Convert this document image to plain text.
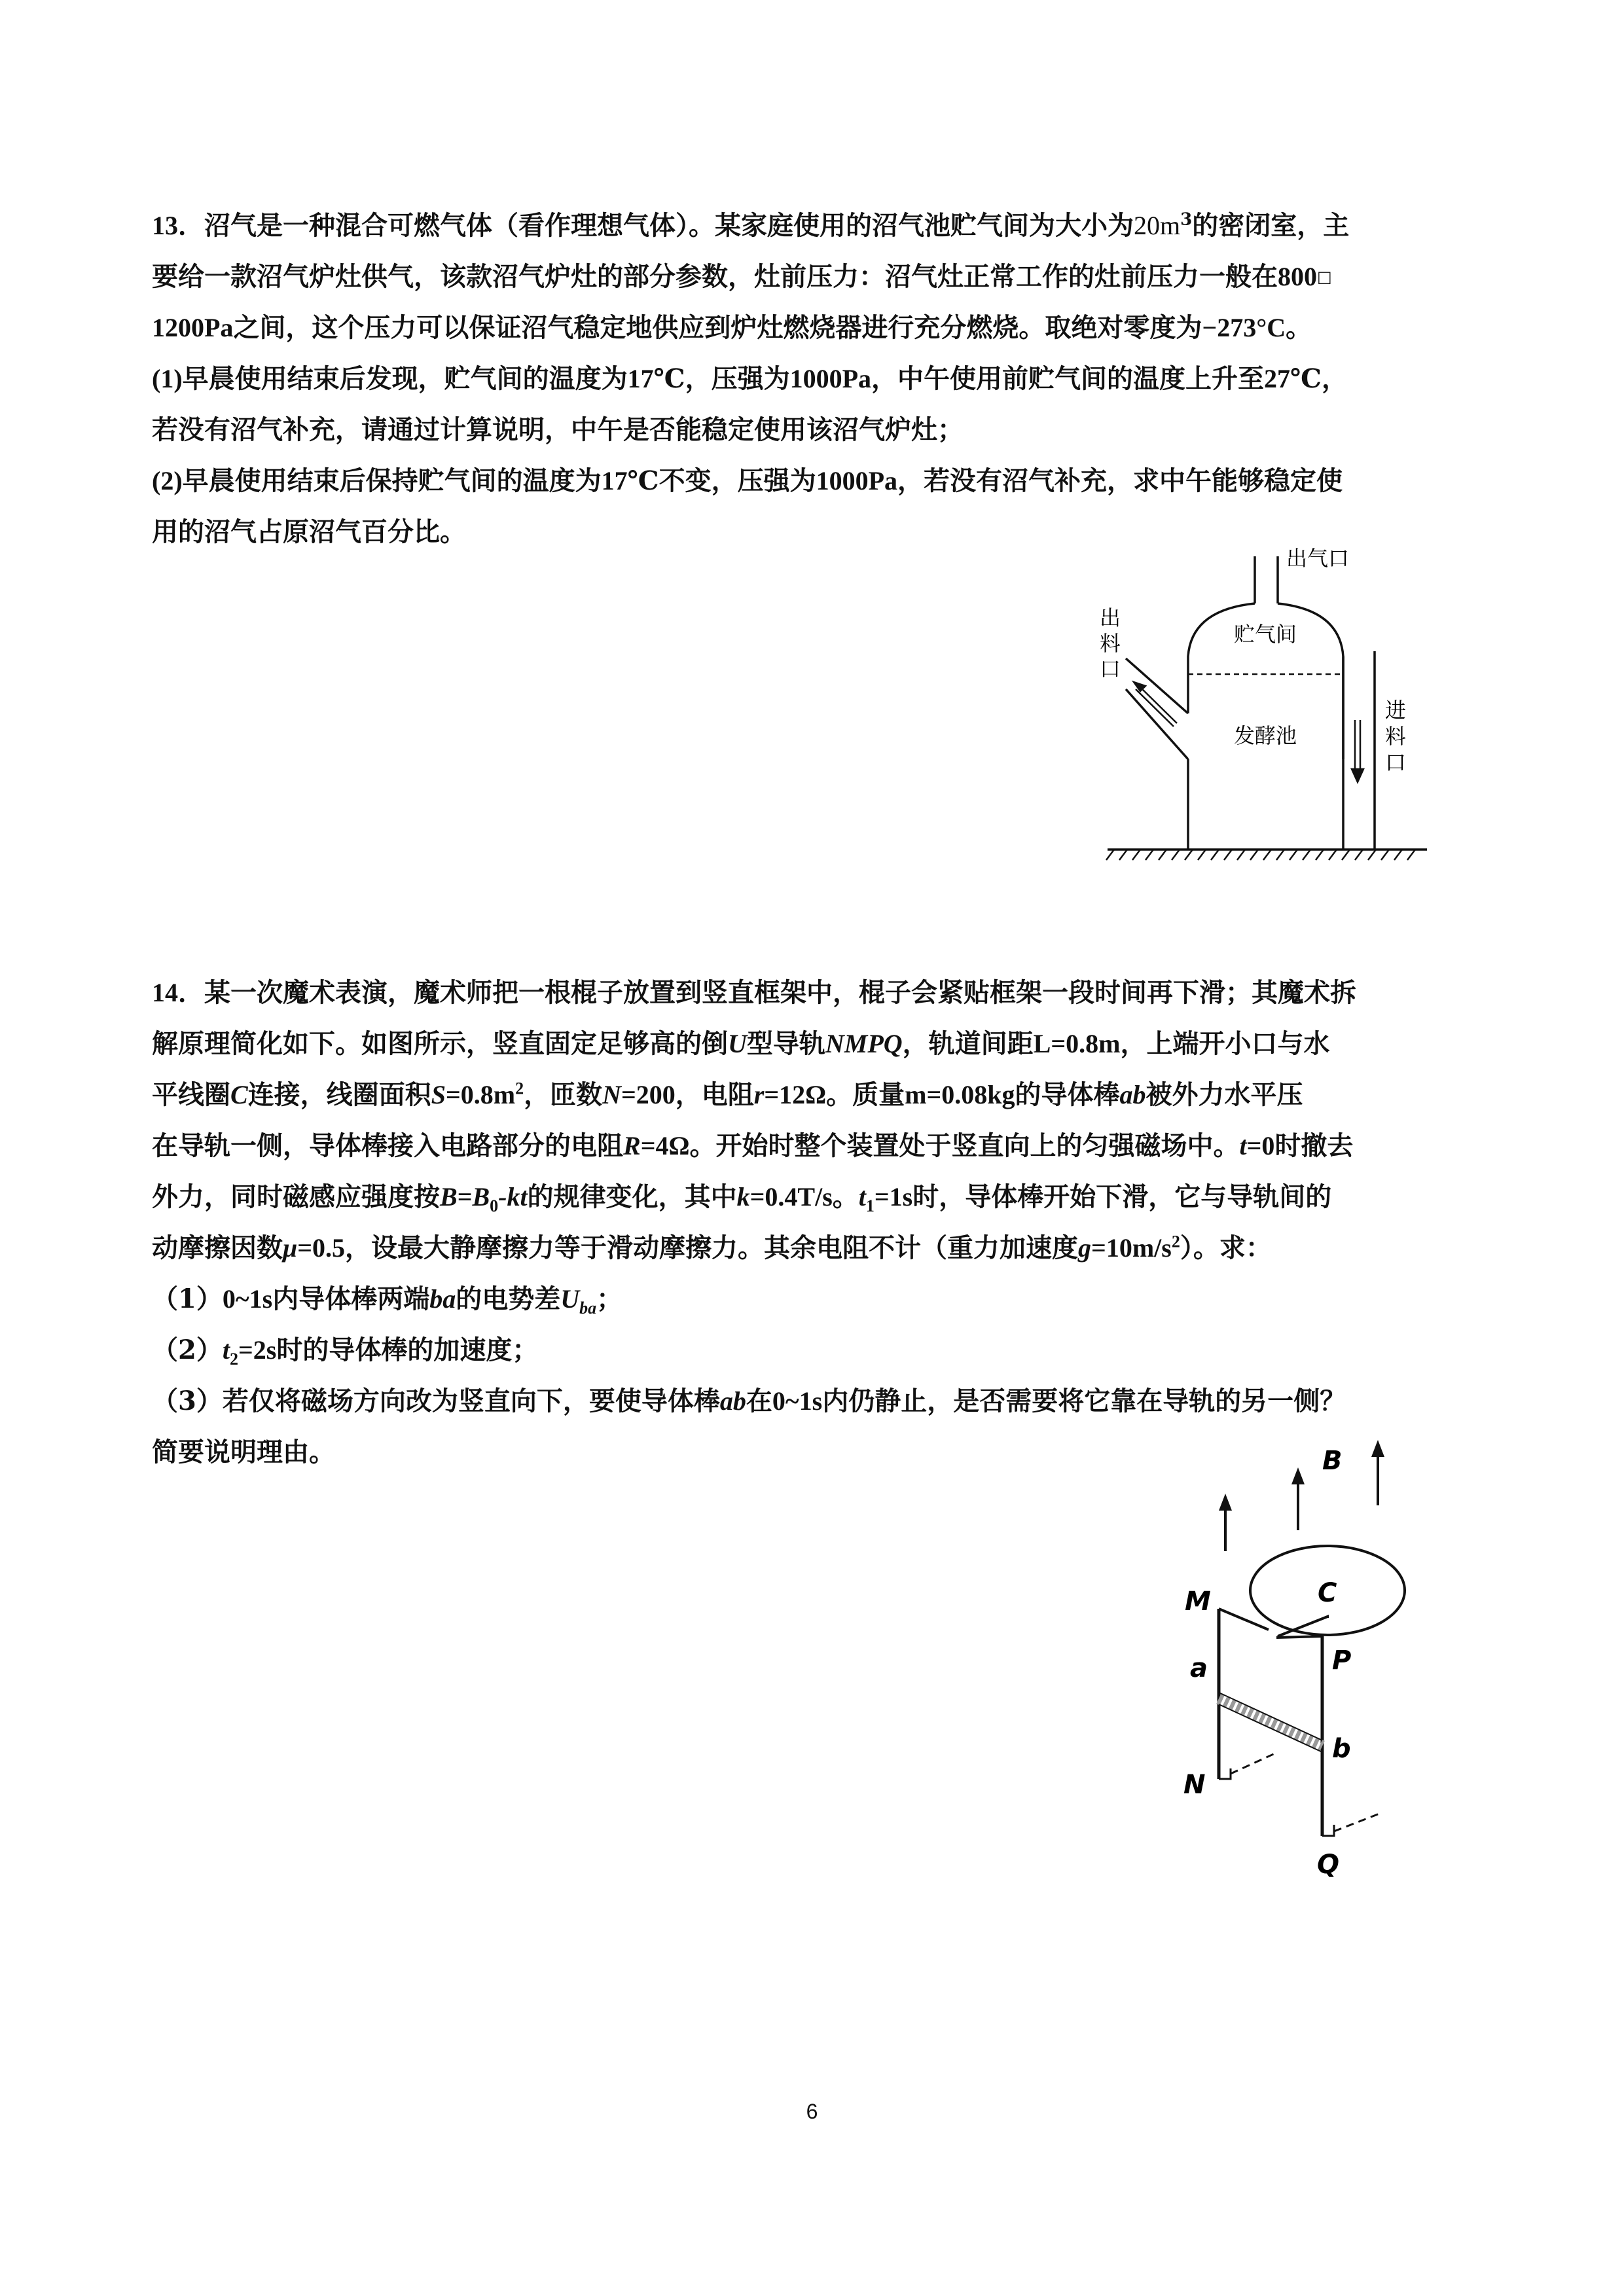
13．沼气是一种混合可燃气体（看作理想气体）。某家庭使用的沼气池贮气间为大小为$20m^3$的密闭室，主
要给一款沼气炉灶供气，该款沼气炉灶的部分参数，灶前压力：沼气灶正常工作的灶前压力一般在800□
1200Pa之间，这个压力可以保证沼气稳定地供应到炉灶燃烧器进行充分燃烧。取绝对零度为−273°C。
(1)早晨使用结束后发现，贮气间的温度为17℃，压强为1000Pa，中午使用前贮气间的温度上升至27℃，
若没有沼气补充，请通过计算说明，中午是否能稳定使用该沼气炉灶；
(2)早晨使用结束后保持贮气间的温度为17℃不变，压强为1000Pa，若没有沼气补充，求中午能够稳定使
用的沼气占原沼气百分比。
出气口
贮气间
发酵池
出
料
口
进
料
口
14．某一次魔术表演，魔术师把一根棍子放置到竖直框架中，棍子会紧贴框架一段时间再下滑；其魔术拆
解原理简化如下。如图所示，竖直固定足够高的倒U型导轨NMPQ，轨道间距L=0.8m，上端开小口与水
平线圈C连接，线圈面积$S=0.8m^2$，匝数N=200，电阻r=12Ω。质量m=0.08kg的导体棒ab被外力水平压
在导轨一侧，导体棒接入电路部分的电阻R=4Ω。开始时整个装置处于竖直向上的匀强磁场中。t=0时撤去
外力，同时磁感应强度按$B=B_0-kt$的规律变化，其中k=0.4T/s。$t_1=1s$时，导体棒开始下滑，它与导轨间的
动摩擦因数μ=0.5，设最大静摩擦力等于滑动摩擦力。其余电阻不计（重力加速度$g=10m/s^2$）。求：
（1）0~1s内导体棒两端ba的电势差$U_{ba}$；
$(2)t_2=2s$时的导体棒的加速度；
（3）若仅将磁场方向改为竖直向下，要使导体棒ab在0~1s内仍静止，是否需要将它靠在导轨的另一侧？
简要说明理由。	B
C
M
P
a
b
N
Q
6
